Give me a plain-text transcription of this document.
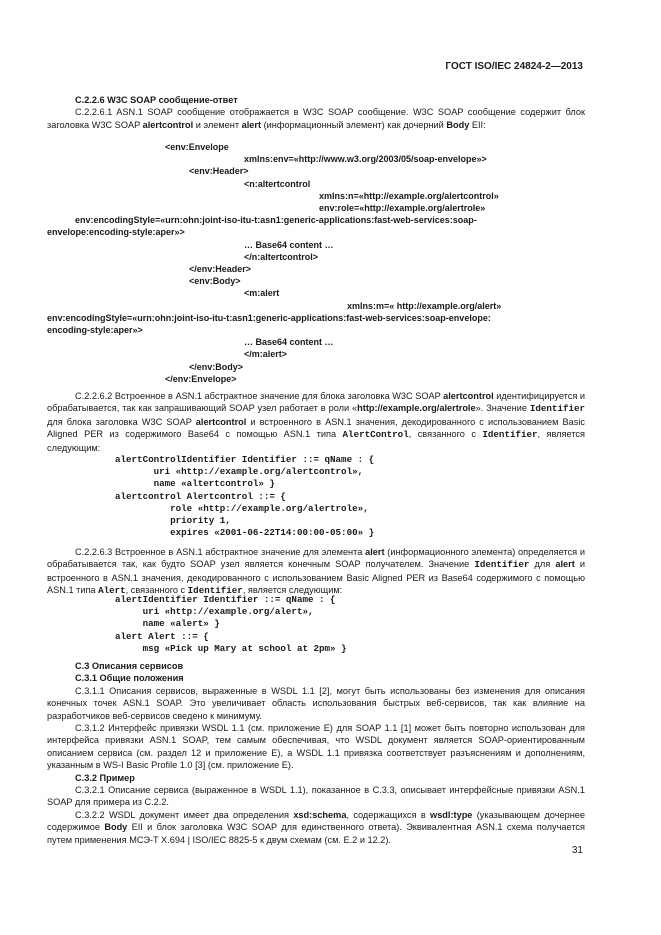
ГОСТ ISO/IEC 24824-2—2013

C.2.2.6 W3C SOAP сообщение-ответ

C.2.2.6.1 ASN.1 SOAP сообщение отображается в W3C SOAP сообщение. W3C SOAP сообщение содержит блок заголовка W3C SOAP alertcontrol и элемент alert (информационный элемент) как дочерний Body EII:

<env:Envelope
xmlns:env=«http://www.w3.org/2003/05/soap-envelope»>
<env:Header>
<n:altertcontrol
xmlns:n=«http://example.org/alertcontrol»
env:role=«http://example.org/alertrole»
env:encodingStyle=«urn:ohn:joint-iso-itu-t:asn1:generic-applications:fast-web-services:soap-
envelope:encoding-style:aper»>
… Base64 content …
</n:altertcontrol>
</env:Header>
<env:Body>
<m:alert
xmlns:m=« http://example.org/alert»
env:encodingStyle=«urn:ohn:joint-iso-itu-t:asn1:generic-applications:fast-web-services:soap-envelope:
encoding-style:aper»>
… Base64 content …
</m:alert>
</env:Body>
</env:Envelope>

C.2.2.6.2 Встроенное в ASN.1 абстрактное значение для блока заголовка W3C SOAP alertcontrol идентифицируется и обрабатывается, так как запрашивающий SOAP узел работает в роли «http://example.org/alertrole». Значение Identifier для блока заголовка W3C SOAP alertcontrol и встроенного в ASN.1 значения, декодированного с использованием Basic Aligned PER из содержимого Base64 с помощью ASN.1 типа AlertControl, связанного с Identifier, является следующим:

alertControlIdentifier Identifier ::= qName : {
uri «http://example.org/alertcontrol»,
name «altertcontrol» }
alertcontrol Alertcontrol ::= {
role «http://example.org/alertrole»,
priority 1,
expires «2001-06-22T14:00:00-05:00» }

C.2.2.6.3 Встроенное в ASN.1 абстрактное значение для элемента alert (информационного элемента) определяется и обрабатывается так, как будто SOAP узел является конечным SOAP получателем. Значение Identifier для alert и встроенного в ASN.1 значения, декодированного с использованием Basic Aligned PER из Base64 содержимого с помощью ASN.1 типа Alert, связанного с Identifier, является следующим:

alertIdentifier Identifier ::= qName : {
uri «http://example.org/alert»,
name «alert» }
alert Alert ::= {
msg «Pick up Mary at school at 2pm» }

C.3 Описания сервисов

C.3.1 Общие положения

C.3.1.1 Описания сервисов, выраженные в WSDL 1.1 [2], могут быть использованы без изменения для описания конечных точек ASN.1 SOAP. Это увеличивает область использования быстрых веб-сервисов, так как влияние на разработчиков веб-сервисов сведено к минимуму.

C.3.1.2 Интерфейс привязки WSDL 1.1 (см. приложение E) для SOAP 1.1 [1] может быть повторно использован для интерфейса привязки ASN.1 SOAP, тем самым обеспечивая, что WSDL документ является SOAP-ориентированным описанием сервиса (см. раздел 12 и приложение E), а WSDL 1.1 привязка соответствует разъяснениям и дополнениям, указанным в WS-I Basic Profile 1.0 [3] (см. приложение E).

C.3.2 Пример

C.3.2.1 Описание сервиса (выраженное в WSDL 1.1), показанное в C.3.3, описывает интерфейсные привязки ASN.1 SOAP для примера из C.2.2.

C.3.2.2 WSDL документ имеет два определения xsd:schema, содержащихся в wsdl:type (указывающем дочернее содержимое Body EII и блок заголовка W3C SOAP для единственного ответа). Эквивалентная ASN.1 схема получается путем применения МСЭ-T X.694 | ISO/IEC 8825-5 к двум схемам (см. E.2 и 12.2).

31
